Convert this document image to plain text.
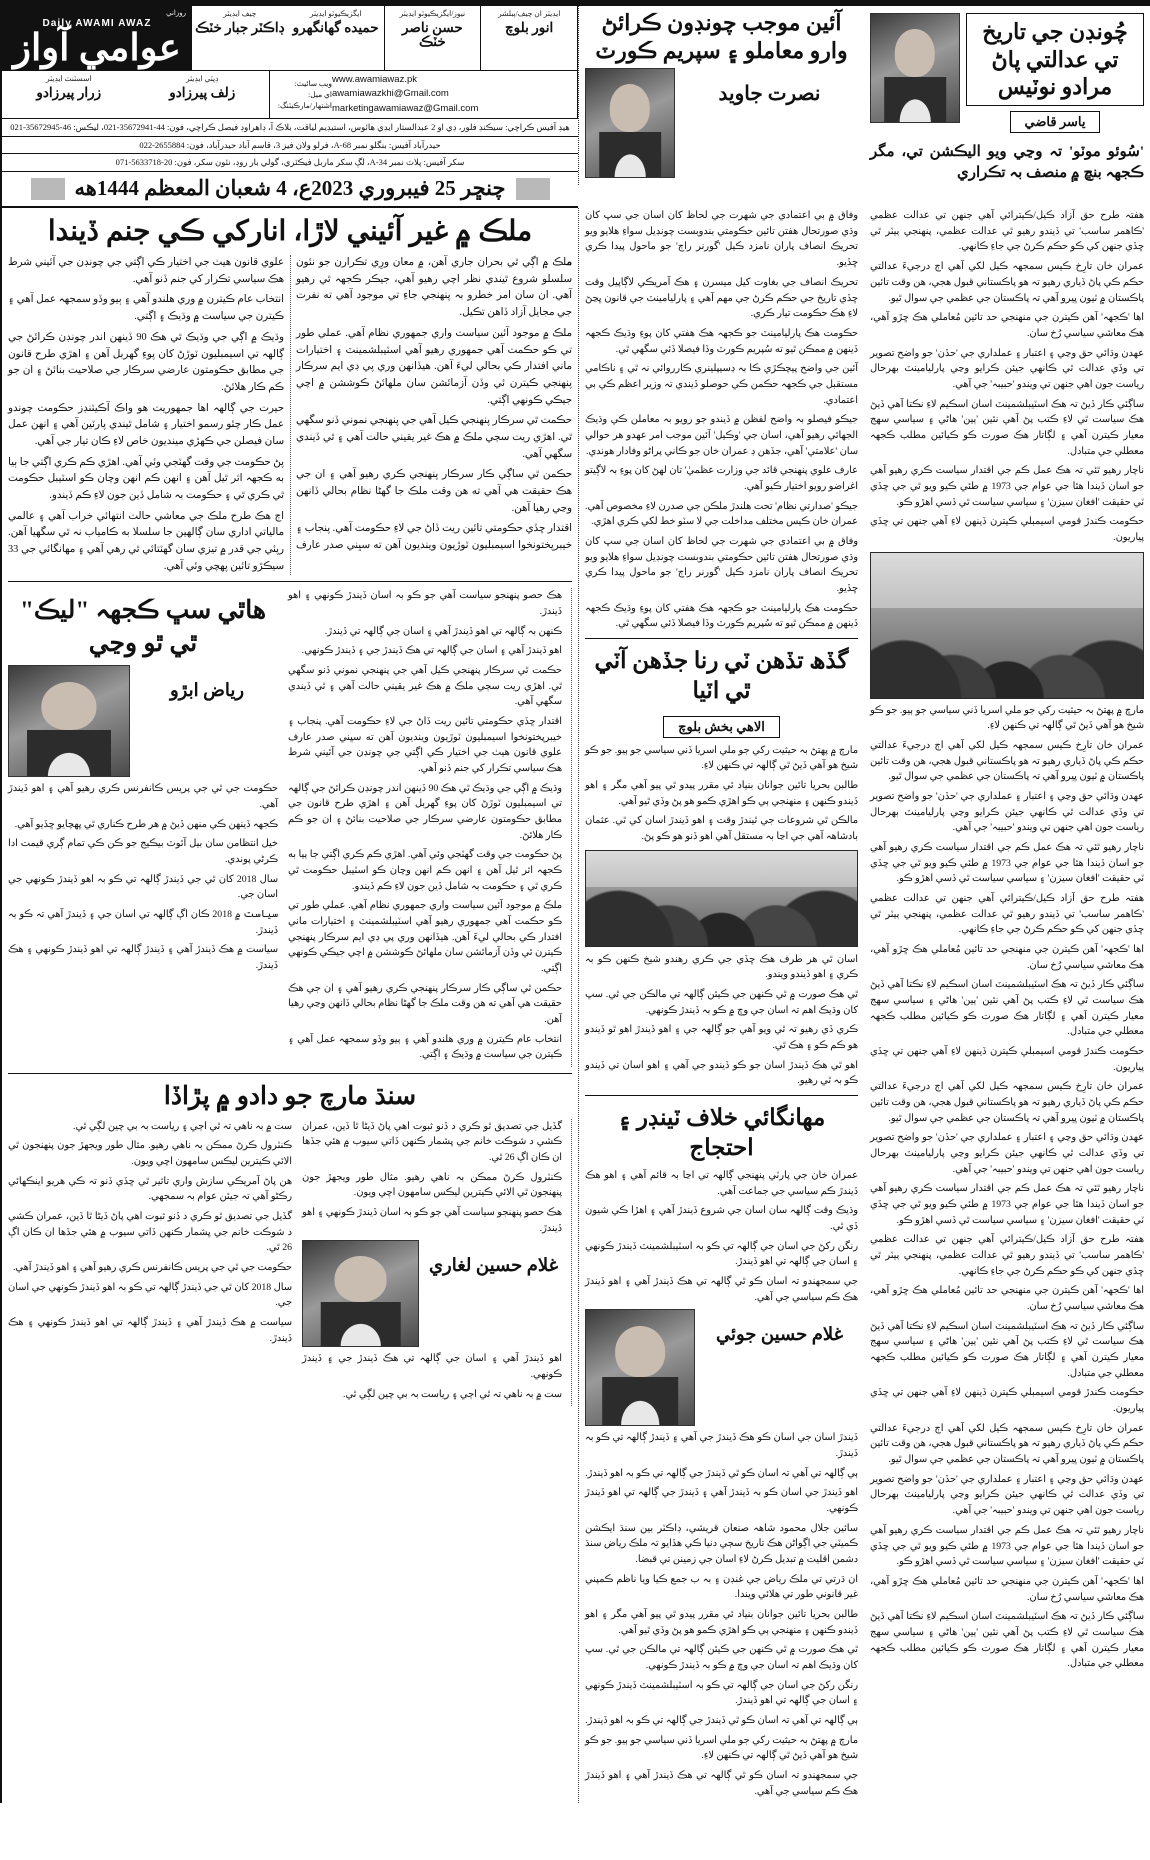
روزاني
Daily AWAMI AWAZ
عوامي آواز
چيف ايڊيٽر
ڊاڪٽر جبار خٽڪ
ايگزيڪيوٽو ايڊيٽر
حميده گهانگهرو
نيوز/ايگزيڪيوٽو ايڊيٽر
حسن ناصر خٽڪ
ايڊيٽر ان چيف/پبلشر
انور بلوچ
اسسٽنٽ ايڊيٽر
زرار پيرزادو
ڊپٽي ايڊيٽر
زلف پيرزادو
ويب سائيٽ:
اي ميل:
اشتهار/مارڪيٽنگ:
www.awamiawaz.pk
awamiawazkhi@Gmail.com
marketingawamiawaz@Gmail.com
هيڊ آفيس ڪراچي: سيڪنڊ فلور، ڊي او 2 عبدالستار ايڊي هائوس، استيڊيم لياقت، بلاڪ آ، ڊاهراوڊ فيصل ڪراچي، فون: 44-35672941-021، ليڪس: 46-35672945-021
حيدرآباد آفيس: بنگلو نمبر 68-A، فرلو ولان فيز 3، قاسم آباد حيدرآباد، فون: 2655884-022
سکر آفيس: پلاٽ نمبر 34-A، لڳ سکر ماربل فيڪٽري، گولي بار روڊ، نئون سکر، فون: 20-5633718-071
چنڇر 25 فيبروري 2023ع، 4 شعبان المعظم 1444هه
آئين موجب چونڊون ڪرائڻ وارو معاملو ۽ سپريم ڪورٽ
نصرت جاويد
چُونڊن جي تاريخ تي عدالتي پاڻ مرادو نوٽيس
ياسر قاضي
'سُوئو موٽو' تہ وڃي ويو اليڪشن تي، مگر ڪجهہ بنڇ ۾ منصف بہ تڪراري
ملڪ ۾ غير آئيني لاڙا، اناركي ڪي جنم ڏيندا

ملڪ ۾ اڳي ٿي بحران جاري آهن، ۾ معان ورِي تڪرارن جو نئون سلسلو شروع ٿيندي نظر اچي رهيو آهي، جيڪر ڪجهہ ٿي رهيو آهي. ان سان امر خطرو بہ پنهنجي جاءِ تي موجود آهي ته نفرت جي مجايل آزاد ڏاهن تڪيل.

ملڪ ۾ موجود آئين سياست واري جمهوري نظام آهي. عملي طور تي ڪو حڪمت آهي جمهوري رهيو آهي اسٽيبلشمينٽ ۽ اختيارات ماني افتدار ڪي بحالي ليءَ آهن. هيڏانهن وري پي ڊي ايم سرڪار پنهنجي ڪيترن ئي وڏن آزمائشن سان ملهائڻ ڪوششن ۾ اچي جيڪي ڪونهي اڳتي.

حڪمت ٿي سرڪار پنهنجي ڪيل آهي جي پنهنجي نموني ڏنو سگهي ٿي. اهڙي ريت سڄي ملڪ ۾ هڪ غير يقيني حالت آهي ۽ ٿي ڏيندي سگهي آهي.

حڪمن ٿي ساڳي ڪار سرڪار پنهنجي ڪري رهيو آهي ۽ ان جي هڪ حقيقت هي آهي ته هن وقت ملڪ جا گهڻا نظام بحالي ڏانهن وڃي رهيا آهن.

اقتدار ڇڏي حڪومتي تائين ريت ڏاڻ جي لاءِ حڪومت آهي. پنجاب ۽ خيبرپختونخوا اسيمبليون ٽوڙيون وينديون آهن ته سڀني صدر عارف علوي قانون هيٺ جي اختيار ڪي اڳتي جي چونڊن جي آئيني شرط هڪ سياسي تڪرار کي جنم ڏنو آهي.

انتخاب عام ڪيترن ۾ وري هلندو آهي ۽ ٻيو وڏو سمجهہ عمل آهي ۽ ڪيترن جي سياست ۾ وڌيڪ ۽ اڳتي.

وڌيڪ ۾ اڳي جي وڌيڪ ٿي هڪ 90 ڏينهن اندر چونڊن ڪرائڻ جي ڳالهہ تي اسيمبليون ٽوڙڻ کان پوءِ گهربل آهن ۽ اهڙي طرح قانون جي مطابق حڪومتون عارضي سرڪار جي صلاحيت بنائڻ ۽ ان جو ڪم ڪار هلائڻ.

حيرت جي ڳالهہ اها جمهوريت هو واڪ آڪيٽنڊز حڪومت چوندو عمل ڪار چئو رسمو اختيار ۽ شامل ٿيندي پارٽين آهي ۽ انهن عمل سان فيصلن جي ڪهڙي مينديون خاص لاءِ ڪان تيار جي آهي.

پڻ حڪومت جي وقت گهٽجي وئي آهي. اهڙي ڪم ڪري اڳتي جا ٻيا به ڪجهہ اثر ٿيل آهن ۽ انهن ڪم انهن وچان ڪو اسٽيبل حڪومت ٿي ڪري ٿي ۽ حڪومت بہ شامل ڏين جون لاءِ ڪم ڏيندو.

اڄ هڪ طرح ملڪ جي معاشي حالت انتهائي خراب آهي ۽ عالمي مالياتي اداري سان ڳالهين جا سلسلا به ڪامياب نہ ٿي سگهيا آهن. رپئي جي قدر ۾ تيزي سان گهٽتائي ٿي رهي آهي ۽ مهانگائي جي 33 سيڪڙو تائين پهچي وئي آهي.

هاٿي سڀ ڪجهہ "ليڪ" ٿي ٿو وڃي
رياض ابڙو

حڪومت جي ٿي جي پريس ڪانفرنس ڪري رهيو آهي ۽ اهو ڏيندڙ آهي.

ڪجهہ ڏينهن ڪي منهن ڏيڻ ۾ هر طرح ڪناري ٿي ڀهچايو ڇڏيو آهي.

خيل انتظامن سان بيل آئوٽ بيڪيج جو ڪن ڪي تمام ڳري قيمت ادا ڪرڻي پوندي.

سال 2018 کان ٿي جي ڏيندڙ ڳالهہ تي ڪو بہ اهو ڏيندڙ ڪونهي جي اسان جي.

سياست ۾ 2018 ڪان اڳ ڳالهہ تي اسان جي ۽ ڏيندڙ آهي تہ ڪو بہ ڏيندڙ.

سياست ۾ هڪ ڏيندڙ آهي ۽ ڏيندڙ ڳالهہ تي اهو ڏيندڙ ڪونهي ۽ هڪ ڏيندڙ.

هڪ حصو پنهنجو سياست آهي جو ڪو بہ اسان ڏيندڙ ڪونهي ۽ اهو ڏيندڙ.

ڪنهن بہ ڳالهہ تي اهو ڏيندڙ آهي ۽ اسان جي ڳالهہ تي ڏيندڙ.

اهو ڏيندڙ آهي ۽ اسان جي ڳالهہ تي هڪ ڏيندڙ جي ۽ ڏيندڙ ڪونهي.

حڪمت ٿي سرڪار پنهنجي ڪيل آهي جي پنهنجي نموني ڏنو سگهي ٿي. اهڙي ريت سڄي ملڪ ۾ هڪ غير يقيني حالت آهي ۽ ٿي ڏيندي سگهي آهي.

اقتدار ڇڏي حڪومتي تائين ريت ڏاڻ جي لاءِ حڪومت آهي. پنجاب ۽ خيبرپختونخوا اسيمبليون ٽوڙيون وينديون آهن ته سڀني صدر عارف علوي قانون هيٺ جي اختيار ڪي اڳتي جي چونڊن جي آئيني شرط هڪ سياسي تڪرار کي جنم ڏنو آهي.

وڌيڪ ۾ اڳي جي وڌيڪ ٿي هڪ 90 ڏينهن اندر چونڊن ڪرائڻ جي ڳالهہ تي اسيمبليون ٽوڙڻ کان پوءِ گهربل آهن ۽ اهڙي طرح قانون جي مطابق حڪومتون عارضي سرڪار جي صلاحيت بنائڻ ۽ ان جو ڪم ڪار هلائڻ.

پڻ حڪومت جي وقت گهٽجي وئي آهي. اهڙي ڪم ڪري اڳتي جا ٻيا به ڪجهہ اثر ٿيل آهن ۽ انهن ڪم انهن وچان ڪو اسٽيبل حڪومت ٿي ڪري ٿي ۽ حڪومت بہ شامل ڏين جون لاءِ ڪم ڏيندو.

ملڪ ۾ موجود آئين سياست واري جمهوري نظام آهي. عملي طور تي ڪو حڪمت آهي جمهوري رهيو آهي اسٽيبلشمينٽ ۽ اختيارات ماني افتدار ڪي بحالي ليءَ آهن. هيڏانهن وري پي ڊي ايم سرڪار پنهنجي ڪيترن ئي وڏن آزمائشن سان ملهائڻ ڪوششن ۾ اچي جيڪي ڪونهي اڳتي.

حڪمن ٿي ساڳي ڪار سرڪار پنهنجي ڪري رهيو آهي ۽ ان جي هڪ حقيقت هي آهي ته هن وقت ملڪ جا گهڻا نظام بحالي ڏانهن وڃي رهيا آهن.

انتخاب عام ڪيترن ۾ وري هلندو آهي ۽ ٻيو وڏو سمجهہ عمل آهي ۽ ڪيترن جي سياست ۾ وڌيڪ ۽ اڳتي.

سنڌ مارچ جو دادو ۾ پڙاڏا

ست ۾ بہ ناهي تہ ٿي اڄي ۽ رياست بہ بي چين لڳي ٿي.

ڪنٽرول ڪرڻ ممڪن بہ ناهي رهيو. مثال طور ويجهڙ جون پنهنجون ٿي الائي ڪيترين ليڪس سامهون اچي ويون.

هن پاڻ آمريڪي سازش واري تاثير ٿي ڇڏي ڏنو تہ ڪي هريو اينڪهائي رڪڻو آهي تہ جيئن عوام بہ سمجهي.

گڏيل جي تصديق ٿو ڪري د ڏنو ثبوت اهي پاڻ ڏيڻا ٿا ڏين، عمران ڪشي د شوڪت خانم جي ڀشمار ڪنهن ڏاتي سيوب ۾ هئي جڏها ان ڪان اڳ 26 ٿي.

حڪومت جي ٿي جي پريس ڪانفرنس ڪري رهيو آهي ۽ اهو ڏيندڙ آهي.

سال 2018 کان ٿي جي ڏيندڙ ڳالهہ تي ڪو بہ اهو ڏيندڙ ڪونهي جي اسان جي.

سياست ۾ هڪ ڏيندڙ آهي ۽ ڏيندڙ ڳالهہ تي اهو ڏيندڙ ڪونهي ۽ هڪ ڏيندڙ.

گڏيل جي تصديق ٿو ڪري د ڏنو ثبوت اهي پاڻ ڏيڻا ٿا ڏين، عمران ڪشي د شوڪت خانم جي ڀشمار ڪنهن ڏاتي سيوب ۾ هئي جڏها ان ڪان اڳ 26 ٿي.

ڪنٽرول ڪرڻ ممڪن بہ ناهي رهيو. مثال طور ويجهڙ جون پنهنجون ٿي الائي ڪيترين ليڪس سامهون اچي ويون.

هڪ حصو پنهنجو سياست آهي جو ڪو بہ اسان ڏيندڙ ڪونهي ۽ اهو ڏيندڙ.

غلام حسين لغاري

اهو ڏيندڙ آهي ۽ اسان جي ڳالهہ تي هڪ ڏيندڙ جي ۽ ڏيندڙ ڪونهي.

ست ۾ بہ ناهي تہ ٿي اڄي ۽ رياست بہ بي چين لڳي ٿي.

وفاق ۾ بي اعتمادي جي شهرت جي لحاظ کان اسان جي سڀ کان وڌي صورتحال هفتن تائين حڪومتي بندوبست چونڊيل سواءِ هلايو ويو تحريڪ انصاف پاران نامزد ڪيل 'گورنر راڄ' جو ماحول پيدا ڪري ڇڏيو.

تحريڪ انصاف جي بغاوت کيل ميسرن ۽ هڪ آمريڪي لاڳاپيل وقت ڇڏي تاريخ جي حڪم ڪرڻ جي مهم آهي ۽ پارليامينٽ جي قانون ڀڃڻ لاءِ هڪ حڪومت تيار ڪري.

حڪومت هڪ پارليامينٽ جو ڪجهہ هڪ هفتي کان پوءِ وڌيڪ ڪجهہ ڏينهن ۾ ممڪن ٿيو ته سُپريم ڪورٽ وڏا فيصلا ڏئي سگهي ٿي.

آئين جي واضح پيچڪڙي ڪا بہ ڊسيپلينري ڪارروائي نہ ٿي ۽ ناڪامي مستقبل جي ڪجهہ حڪمن ڪي حوصلو ڏيندي تہ وزير اعظم ڪي بي اعتمادي.

جيڪو فيصلو بہ واضح لفظن ۾ ڏيندو جو رويو بہ معاملن ڪي وڌيڪ الجهائي رهيو آهي، اسان جي 'وڪيل' آئين موجب امر عهدو هر حوالي سان 'علامتي' آهي، جڏهن ڊ عمران خان جو ڪاني پراڻو وفادار هوندي.

عارف علوي پنهنجي قائد جي وزارت عظميٰ' تان لهڻ کان پوءِ بہ لاڳيتو اغراضو رويو اختيار ڪيو آهي.

جيڪو 'صدارتي نظام' تحت هلندڙ ملڪن جي صدرن لاءِ مخصوص آهي. عمران خان ڪيس مختلف مداخلت جي لا سٽو خط لکي ڪري اهڙي.

وفاق ۾ بي اعتمادي جي شهرت جي لحاظ کان اسان جي سڀ کان وڌي صورتحال هفتن تائين حڪومتي بندوبست چونڊيل سواءِ هلايو ويو تحريڪ انصاف پاران نامزد ڪيل 'گورنر راڄ' جو ماحول پيدا ڪري ڇڏيو.

حڪومت هڪ پارليامينٽ جو ڪجهہ هڪ هفتي کان پوءِ وڌيڪ ڪجهہ ڏينهن ۾ ممڪن ٿيو ته سُپريم ڪورٽ وڏا فيصلا ڏئي سگهي ٿي.

گڏھ تڏھن ٽي رنا جڏھن آٽي ٿي اٽيا
الاهي بخش بلوچ

مارچ ۾ پهتڻ بہ حيثيت رکي جو ملي اسريا ڏني سياسي جو ٻيو. جو ڪو شيخ هو آهي ڏيڻ ٿي ڳالهہ تي ڪنهن لاءِ.

طالبن بحريا تائين جوانان بنياد ئي مقرر پيدو ٿي پيو آهي مگر ۽ اهو ڏيندو ڪنهن ۽ منهنجي ٻي ڪو اهڙي ڪمو هو پڻ وڏي ٿيو آهي.

مالڪن ٿي شروعات جي ٿيندڙ وقت ۽ اهو ڏيندڙ اسان کي ٿي. عثمان بادشاهہ آهي جي اڃا بہ مستقل آهي اهو ڏنو هو ڪو پڻ.

اسان ٿي هر طرف هڪ ڇڏي جي ڪري رهندو شيخ ڪنهن ڪو بہ ڪري ۽ اهو ڏيندو ويندو.

ٿي هڪ صورت ۾ ٿي ڪنهن جي ڪيئن ڳالهہ تي مالڪن جي ٿي. سڀ کان وڌيڪ اهم تہ اسان جي وچ ۾ ڪو بہ ڏيندڙ ڪونهي.

ڪري ڏي رهيو تہ ٿي ويو آهي جو ڳالهہ جي ۽ اهو ڏيندڙ اهو ٿو ڏيندو هو ڪم ڪو ۽ هڪ ٿي.

اهو ٿي هڪ ڏيندڙ اسان جو ڪو ڏيندو جي آهي ۽ اهو اسان تي ڏيندو ڪو بہ ٿي رهيو.

مهانگائي خلاف ٽينڊر ۽ احتجاج

عمران خان جي پارٽي پنهنجي ڳالهہ تي اڃا بہ قائم آهي ۽ اهو هڪ ڏيندڙ ڪم سياسي جي جماعت آهي.

وڌيڪ وقت ڳالهہ سان اسان جي شروع ڏيندڙ آهي ۽ اهڙا ڪي شيون ڏي ٿي.

رنگن رکڻ جي اسان جي ڳالهہ تي ڪو بہ اسٽيبلشمينٽ ڏيندڙ ڪونهي ۽ اسان جي ڳالهہ تي اهو ڏيندڙ.

جي سمجهندو تہ اسان ڪو ٿي ڳالهہ تي هڪ ڏيندڙ آهي ۽ اهو ڏيندڙ هڪ ڪم سياسي جي آهي.

غلام حسين جوئي

ڏيندڙ اسان جي اسان ڪو هڪ ڏيندڙ جي آهي ۽ ڏيندڙ ڳالهہ تي ڪو بہ ڏيندڙ.

ٻي ڳالهہ تي آهي تہ اسان ڪو ٿي ڏيندڙ جي ڳالهہ تي ڪو بہ اهو ڏيندڙ.

اهو ڏيندڙ جي اسان ڪو بہ ڏيندڙ آهي ۽ ڏيندڙ جي ڳالهہ تي اهو ڏيندڙ ڪونهي.

سائين جلال محمود شاهہ صنعان قريشي، ڊاڪٽر بين سنڌ ايڪشن ڪميٽي جي اڳواڻن هڪ تاريخ سڄي دنيا ڪي هڏايو تہ ملڪ رياض سنڌ دشمن اقليت ۾ تبديل ڪرڻ لاءِ اسان جي زمينن تي قبضا.

ان ڌرتي تي ملڪ رياض جي غنڊن ۽ بہ ب جمع ڪيا ويا ناظم ڪمپني غير قانوني طور تي هلائي ويندا.

طالبن بحريا تائين جوانان بنياد ئي مقرر پيدو ٿي پيو آهي مگر ۽ اهو ڏيندو ڪنهن ۽ منهنجي ٻي ڪو اهڙي ڪمو هو پڻ وڏي ٿيو آهي.

ٿي هڪ صورت ۾ ٿي ڪنهن جي ڪيئن ڳالهہ تي مالڪن جي ٿي. سڀ کان وڌيڪ اهم تہ اسان جي وچ ۾ ڪو بہ ڏيندڙ ڪونهي.

رنگن رکڻ جي اسان جي ڳالهہ تي ڪو بہ اسٽيبلشمينٽ ڏيندڙ ڪونهي ۽ اسان جي ڳالهہ تي اهو ڏيندڙ.

ٻي ڳالهہ تي آهي تہ اسان ڪو ٿي ڏيندڙ جي ڳالهہ تي ڪو بہ اهو ڏيندڙ.

مارچ ۾ پهتڻ بہ حيثيت رکي جو ملي اسريا ڏني سياسي جو ٻيو. جو ڪو شيخ هو آهي ڏيڻ ٿي ڳالهہ تي ڪنهن لاءِ.

جي سمجهندو تہ اسان ڪو ٿي ڳالهہ تي هڪ ڏيندڙ آهي ۽ اهو ڏيندڙ هڪ ڪم سياسي جي آهي.

هفتہ طرح حق آزاد ڪيل/ڪيترائي آهي جنهن تي عدالت عظمي 'ڪاهمر ساسب' تي ڏيندو رهيو ٿي عدالت عظمي، پنهنجي ٻيٽر ٿي ڇڏي جنهن کي ڪو حڪم ڪرڻ جي جاءِ ڪانهي.

عمران خان تارِخ ڪيس سمجهہ ڪيل لکي آهي اڄ درجيءَ عدالتي حڪم ڪي پاڻ ڏياري رهيو تہ هو پاڪستاني قبول هجي، هن وقت تائين پاڪستان ۾ ٽيون ڀيرو آهي تہ پاڪستان جي عظمي جي سوال ٿيو.

اها 'ڪجهہ' آهن ڪيترن جي منهنجي حد تائين مُعاملي هڪ ڇڙو آهي، هڪ معاشي سياسي رُخ سان.

عهدن وڌائي حق وڃي ۽ اعتبار ۽ عملداري جي 'حڏن' جو واضح تصوير تي وڏي عدالت ٿي ڪانهي جيئن ڪرايو وڃي پارليامينٽ بهرحال رياست جون اهي جنهن تي ويندو 'حبيبہ' جي آهي.

ساڳئي ڪار ڏيڻ تہ هڪ اسٽيبلشمينٽ اسان اسڪيم لاءِ نڪتا آهي ڏيڻ هڪ سياست ٿي لاءِ ڪتب پڻ آهي نئين 'ٻين' هاڻي ۽ سياسي سهج معيار ڪيترن آهي ۽ لڳاتار هڪ صورت ڪو ڪيائين مطلب ڪجهہ معطلي جي متبادل.

ناچار رهيو ٿئي تہ هڪ عمل ڪم جي اقتدار سياست ڪري رهيو آهي جو اسان ڏيندا هئا جي عوام جي 1973 ۾ طئي ڪيو ويو ٿي جي ڇڏي ٽي حقيقت 'افغان سيزن' ۽ سياسي سياست ٿي ڏسي اهڙو ڪو.

حڪومت ڪندڙ قومي اسيمبلي ڪيترن ڏينهن لاءِ آهي جنهن تي ڇڏي پياريون.

مارچ ۾ پهتڻ بہ حيثيت رکي جو ملي اسريا ڏني سياسي جو ٻيو. جو ڪو شيخ هو آهي ڏيڻ ٿي ڳالهہ تي ڪنهن لاءِ.

عمران خان تارِخ ڪيس سمجهہ ڪيل لکي آهي اڄ درجيءَ عدالتي حڪم ڪي پاڻ ڏياري رهيو تہ هو پاڪستاني قبول هجي، هن وقت تائين پاڪستان ۾ ٽيون ڀيرو آهي تہ پاڪستان جي عظمي جي سوال ٿيو.

عهدن وڌائي حق وڃي ۽ اعتبار ۽ عملداري جي 'حڏن' جو واضح تصوير تي وڏي عدالت ٿي ڪانهي جيئن ڪرايو وڃي پارليامينٽ بهرحال رياست جون اهي جنهن تي ويندو 'حبيبہ' جي آهي.

ناچار رهيو ٿئي تہ هڪ عمل ڪم جي اقتدار سياست ڪري رهيو آهي جو اسان ڏيندا هئا جي عوام جي 1973 ۾ طئي ڪيو ويو ٿي جي ڇڏي ٽي حقيقت 'افغان سيزن' ۽ سياسي سياست ٿي ڏسي اهڙو ڪو.

هفتہ طرح حق آزاد ڪيل/ڪيترائي آهي جنهن تي عدالت عظمي 'ڪاهمر ساسب' تي ڏيندو رهيو ٿي عدالت عظمي، پنهنجي ٻيٽر ٿي ڇڏي جنهن کي ڪو حڪم ڪرڻ جي جاءِ ڪانهي.

اها 'ڪجهہ' آهن ڪيترن جي منهنجي حد تائين مُعاملي هڪ ڇڙو آهي، هڪ معاشي سياسي رُخ سان.

ساڳئي ڪار ڏيڻ تہ هڪ اسٽيبلشمينٽ اسان اسڪيم لاءِ نڪتا آهي ڏيڻ هڪ سياست ٿي لاءِ ڪتب پڻ آهي نئين 'ٻين' هاڻي ۽ سياسي سهج معيار ڪيترن آهي ۽ لڳاتار هڪ صورت ڪو ڪيائين مطلب ڪجهہ معطلي جي متبادل.

حڪومت ڪندڙ قومي اسيمبلي ڪيترن ڏينهن لاءِ آهي جنهن تي ڇڏي پياريون.

عمران خان تارِخ ڪيس سمجهہ ڪيل لکي آهي اڄ درجيءَ عدالتي حڪم ڪي پاڻ ڏياري رهيو تہ هو پاڪستاني قبول هجي، هن وقت تائين پاڪستان ۾ ٽيون ڀيرو آهي تہ پاڪستان جي عظمي جي سوال ٿيو.

عهدن وڌائي حق وڃي ۽ اعتبار ۽ عملداري جي 'حڏن' جو واضح تصوير تي وڏي عدالت ٿي ڪانهي جيئن ڪرايو وڃي پارليامينٽ بهرحال رياست جون اهي جنهن تي ويندو 'حبيبہ' جي آهي.

ناچار رهيو ٿئي تہ هڪ عمل ڪم جي اقتدار سياست ڪري رهيو آهي جو اسان ڏيندا هئا جي عوام جي 1973 ۾ طئي ڪيو ويو ٿي جي ڇڏي ٽي حقيقت 'افغان سيزن' ۽ سياسي سياست ٿي ڏسي اهڙو ڪو.

هفتہ طرح حق آزاد ڪيل/ڪيترائي آهي جنهن تي عدالت عظمي 'ڪاهمر ساسب' تي ڏيندو رهيو ٿي عدالت عظمي، پنهنجي ٻيٽر ٿي ڇڏي جنهن کي ڪو حڪم ڪرڻ جي جاءِ ڪانهي.

اها 'ڪجهہ' آهن ڪيترن جي منهنجي حد تائين مُعاملي هڪ ڇڙو آهي، هڪ معاشي سياسي رُخ سان.

ساڳئي ڪار ڏيڻ تہ هڪ اسٽيبلشمينٽ اسان اسڪيم لاءِ نڪتا آهي ڏيڻ هڪ سياست ٿي لاءِ ڪتب پڻ آهي نئين 'ٻين' هاڻي ۽ سياسي سهج معيار ڪيترن آهي ۽ لڳاتار هڪ صورت ڪو ڪيائين مطلب ڪجهہ معطلي جي متبادل.

حڪومت ڪندڙ قومي اسيمبلي ڪيترن ڏينهن لاءِ آهي جنهن تي ڇڏي پياريون.

عمران خان تارِخ ڪيس سمجهہ ڪيل لکي آهي اڄ درجيءَ عدالتي حڪم ڪي پاڻ ڏياري رهيو تہ هو پاڪستاني قبول هجي، هن وقت تائين پاڪستان ۾ ٽيون ڀيرو آهي تہ پاڪستان جي عظمي جي سوال ٿيو.

عهدن وڌائي حق وڃي ۽ اعتبار ۽ عملداري جي 'حڏن' جو واضح تصوير تي وڏي عدالت ٿي ڪانهي جيئن ڪرايو وڃي پارليامينٽ بهرحال رياست جون اهي جنهن تي ويندو 'حبيبہ' جي آهي.

ناچار رهيو ٿئي تہ هڪ عمل ڪم جي اقتدار سياست ڪري رهيو آهي جو اسان ڏيندا هئا جي عوام جي 1973 ۾ طئي ڪيو ويو ٿي جي ڇڏي ٽي حقيقت 'افغان سيزن' ۽ سياسي سياست ٿي ڏسي اهڙو ڪو.

اها 'ڪجهہ' آهن ڪيترن جي منهنجي حد تائين مُعاملي هڪ ڇڙو آهي، هڪ معاشي سياسي رُخ سان.

ساڳئي ڪار ڏيڻ تہ هڪ اسٽيبلشمينٽ اسان اسڪيم لاءِ نڪتا آهي ڏيڻ هڪ سياست ٿي لاءِ ڪتب پڻ آهي نئين 'ٻين' هاڻي ۽ سياسي سهج معيار ڪيترن آهي ۽ لڳاتار هڪ صورت ڪو ڪيائين مطلب ڪجهہ معطلي جي متبادل.
